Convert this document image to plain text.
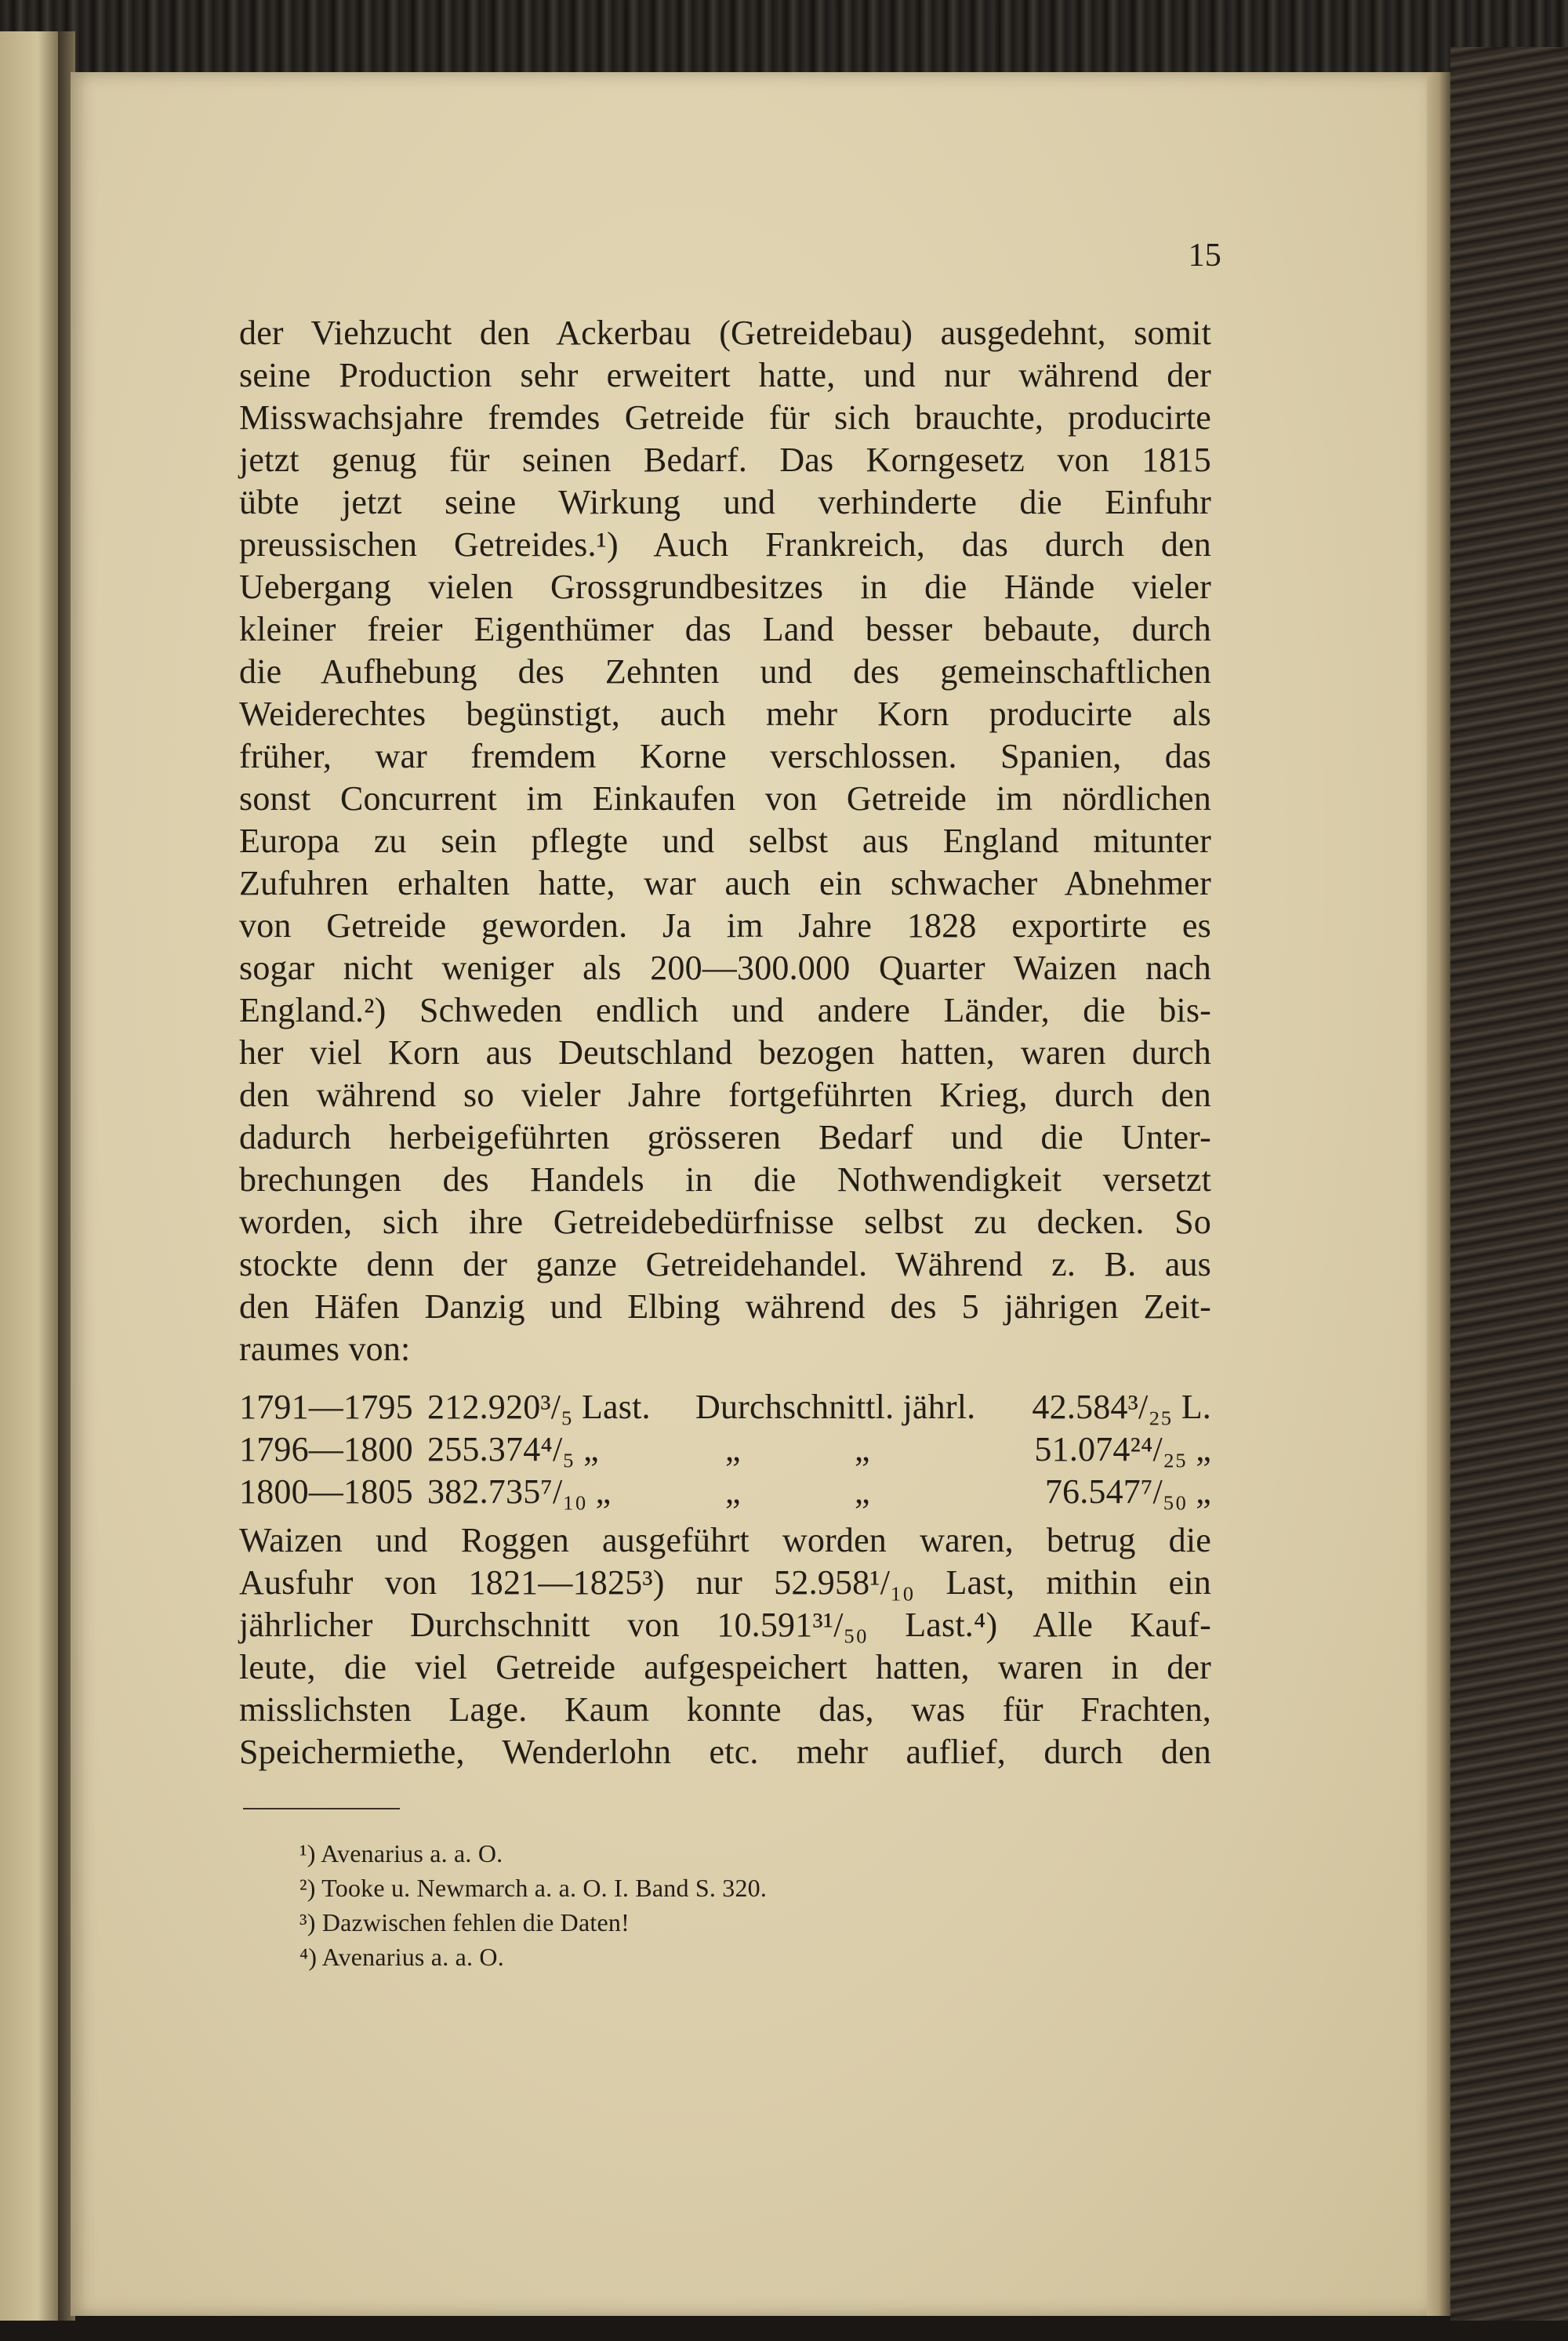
15
der Viehzucht den Ackerbau (Getreidebau) ausgedehnt, somit
seine Production sehr erweitert hatte, und nur während der
Misswachsjahre fremdes Getreide für sich brauchte, producirte
jetzt genug für seinen Bedarf. Das Korngesetz von 1815
übte jetzt seine Wirkung und verhinderte die Einfuhr
preussischen Getreides.¹) Auch Frankreich, das durch den
Uebergang vielen Grossgrundbesitzes in die Hände vieler
kleiner freier Eigenthümer das Land besser bebaute, durch
die Aufhebung des Zehnten und des gemeinschaftlichen
Weiderechtes begünstigt, auch mehr Korn producirte als
früher, war fremdem Korne verschlossen. Spanien, das
sonst Concurrent im Einkaufen von Getreide im nördlichen
Europa zu sein pflegte und selbst aus England mitunter
Zufuhren erhalten hatte, war auch ein schwacher Abnehmer
von Getreide geworden. Ja im Jahre 1828 exportirte es
sogar nicht weniger als 200—300.000 Quarter Waizen nach
England.²) Schweden endlich und andere Länder, die bis-
her viel Korn aus Deutschland bezogen hatten, waren durch
den während so vieler Jahre fortgeführten Krieg, durch den
dadurch herbeigeführten grösseren Bedarf und die Unter-
brechungen des Handels in die Nothwendigkeit versetzt
worden, sich ihre Getreidebedürfnisse selbst zu decken. So
stockte denn der ganze Getreidehandel. Während z. B. aus
den Häfen Danzig und Elbing während des 5 jährigen Zeit-
raumes von:
1791—1795 212.920³/₅ Last. Durchschnittl. jährl. 42.584³/₂₅ L.
1796—1800 255.374⁴/₅ „	„	„	51.074²⁴/₂₅ „
1800—1805 382.735⁷/₁₀ „	„	„	76.547⁷/₅₀ „
Waizen und Roggen ausgeführt worden waren, betrug die
Ausfuhr von 1821—1825³) nur 52.958¹/₁₀ Last, mithin ein
jährlicher Durchschnitt von 10.591³¹/₅₀ Last.⁴) Alle Kauf-
leute, die viel Getreide aufgespeichert hatten, waren in der
misslichsten Lage. Kaum konnte das, was für Frachten,
Speichermiethe, Wenderlohn etc. mehr auflief, durch den
¹) Avenarius a. a. O.
²) Tooke u. Newmarch a. a. O. I. Band S. 320.
³) Dazwischen fehlen die Daten!
⁴) Avenarius a. a. O.
